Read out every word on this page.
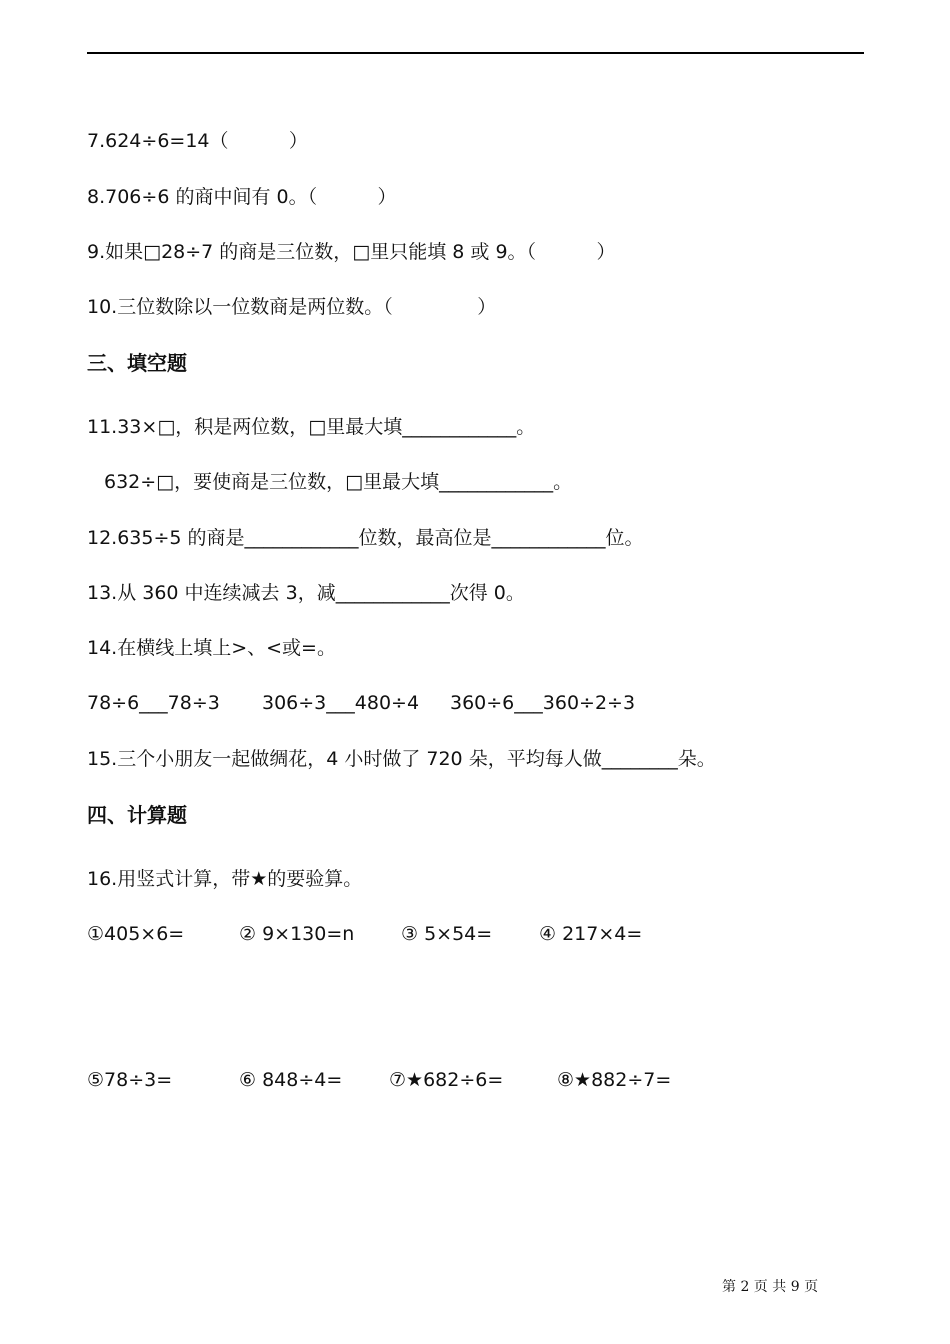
7.624÷6=14（          ）
8.706÷6 的商中间有 0。（          ）
9.如果□28÷7 的商是三位数，□里只能填 8 或 9。（          ）
10.三位数除以一位数商是两位数。（              ）
三、填空题
11.33×□，积是两位数，□里最大填____________。
632÷□，要使商是三位数，□里最大填____________。
12.635÷5 的商是____________位数，最高位是____________位。
13.从 360 中连续减去 3，减____________次得 0。
14.在横线上填上>、<或=。
78÷6___78÷3 306÷3___480÷4 360÷6___360÷2÷3
15.三个小朋友一起做绸花，4 小时做了 720 朵，平均每人做________朵。
四、计算题
16.用竖式计算，带★的要验算。
①405×6=	② 9×130=n ③ 5×54= ④ 217×4=
⑤78÷3=	⑥ 848÷4= ⑦★682÷6=	⑧★882÷7=
第 2 页 共 9 页
